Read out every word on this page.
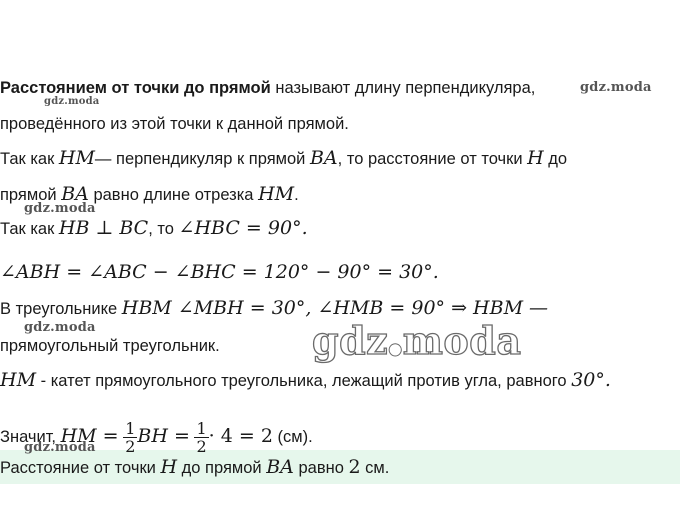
Расстоянием от точки до прямой называют длину перпендикуляра,
проведённого из этой точки к данной прямой.
Так как HM— перпендикуляр к прямой BA, то расстояние от точки H до
прямой BA равно длине отрезка HM.
Так как HB ⊥ BC, то ∠HBC = 90°.
∠ABH = ∠ABC − ∠BHC = 120° − 90° = 30°.
В треугольнике HBM ∠MBH = 30°, ∠HMB = 90° ⇒ HBM —
прямоугольный треугольник.
HM - катет прямоугольного треугольника, лежащий против угла, равного 30°.
Значит, HM = $\frac{1}{2}$ BH = $\frac{1}{2} \cdot 4 = 2$ (см).
Расстояние от точки H до прямой BA равно 2 см.
gdz.moda
gdz.moda
gdz.moda
gdz.moda
gdz.moda
gdz●moda
